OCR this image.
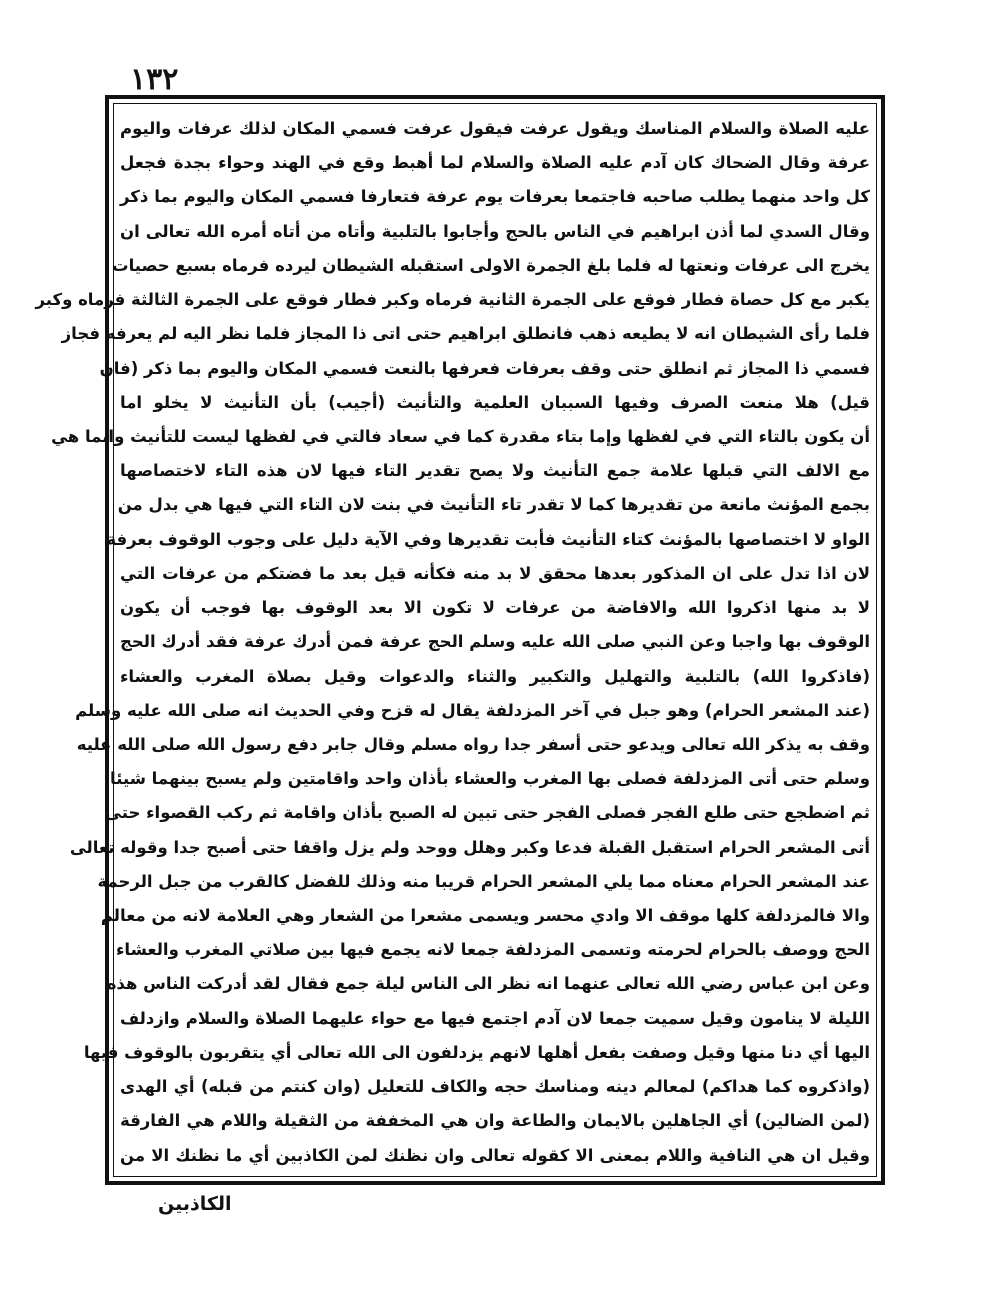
١٣٢
عليه الصلاة والسلام المناسك ويقول عرفت فيقول عرفت فسمي المكان لذلك عرفات واليوم
عرفة وقال الضحاك كان آدم عليه الصلاة والسلام لما أهبط وقع في الهند وحواء بجدة فجعل
كل واحد منهما يطلب صاحبه فاجتمعا بعرفات يوم عرفة فتعارفا فسمي المكان واليوم بما ذكر
وقال السدي لما أذن ابراهيم في الناس بالحج وأجابوا بالتلبية وأتاه من أتاه أمره الله تعالى ان
يخرج الى عرفات ونعتها له فلما بلغ الجمرة الاولى استقبله الشيطان ليرده فرماه بسبع حصيات
يكبر مع كل حصاة فطار فوقع على الجمرة الثانية فرماه وكبر فطار فوقع على الجمرة الثالثة فرماه وكبر
فلما رأى الشيطان انه لا يطيعه ذهب فانطلق ابراهيم حتى اتى ذا المجاز فلما نظر اليه لم يعرفه فجاز
فسمي ذا المجاز ثم انطلق حتى وقف بعرفات فعرفها بالنعت فسمي المكان واليوم بما ذكر (فان
قيل) هلا منعت الصرف وفيها السببان العلمية والتأنيث (أجيب) بأن التأنيث لا يخلو اما
أن يكون بالتاء التي في لفظها وإما بتاء مقدرة كما في سعاد فالتي في لفظها ليست للتأنيث وانما هي
مع الالف التي قبلها علامة جمع التأنيث ولا يصح تقدير التاء فيها لان هذه التاء لاختصاصها
بجمع المؤنث مانعة من تقديرها كما لا تقدر تاء التأنيث في بنت لان التاء التي فيها هي بدل من
الواو لا اختصاصها بالمؤنث كتاء التأنيث فأبت تقديرها وفي الآية دليل على وجوب الوقوف بعرفة
لان اذا تدل على ان المذكور بعدها محقق لا بد منه فكأنه قيل بعد ما فضتكم من عرفات التي
لا بد منها اذكروا الله والافاضة من عرفات لا تكون الا بعد الوقوف بها فوجب أن يكون
الوقوف بها واجبا وعن النبي صلى الله عليه وسلم الحج عرفة فمن أدرك عرفة فقد أدرك الحج
(فاذكروا الله) بالتلبية والتهليل والتكبير والثناء والدعوات وقيل بصلاة المغرب والعشاء
(عند المشعر الحرام) وهو جبل في آخر المزدلفة يقال له قزح وفي الحديث انه صلى الله عليه وسلم
وقف به يذكر الله تعالى ويدعو حتى أسفر جدا رواه مسلم وقال جابر دفع رسول الله صلى الله عليه
وسلم حتى أتى المزدلفة فصلى بها المغرب والعشاء بأذان واحد واقامتين ولم يسبح بينهما شيئا
ثم اضطجع حتى طلع الفجر فصلى الفجر حتى تبين له الصبح بأذان واقامة ثم ركب القصواء حتى
أتى المشعر الحرام استقبل القبلة فدعا وكبر وهلل ووحد ولم يزل واقفا حتى أصبح جدا وقوله تعالى
عند المشعر الحرام معناه مما يلي المشعر الحرام قريبا منه وذلك للفضل كالقرب من جبل الرحمة
والا فالمزدلفة كلها موقف الا وادي محسر ويسمى مشعرا من الشعار وهي العلامة لانه من معالم
الحج ووصف بالحرام لحرمته وتسمى المزدلفة جمعا لانه يجمع فيها بين صلاتي المغرب والعشاء
وعن ابن عباس رضي الله تعالى عنهما انه نظر الى الناس ليلة جمع فقال لقد أدركت الناس هذه
الليلة لا ينامون وقيل سميت جمعا لان آدم اجتمع فيها مع حواء عليهما الصلاة والسلام وازدلف
اليها أي دنا منها وقيل وصفت بفعل أهلها لانهم يزدلفون الى الله تعالى أي يتقربون بالوقوف فيها
(واذكروه كما هداكم) لمعالم دينه ومناسك حجه والكاف للتعليل (وان كنتم من قبله) أي الهدى
(لمن الضالين) أي الجاهلين بالايمان والطاعة وان هي المخففة من الثقيلة واللام هي الفارقة
وقيل ان هي النافية واللام بمعنى الا كقوله تعالى وان نظنك لمن الكاذبين أي ما نظنك الا من
الكاذبين
